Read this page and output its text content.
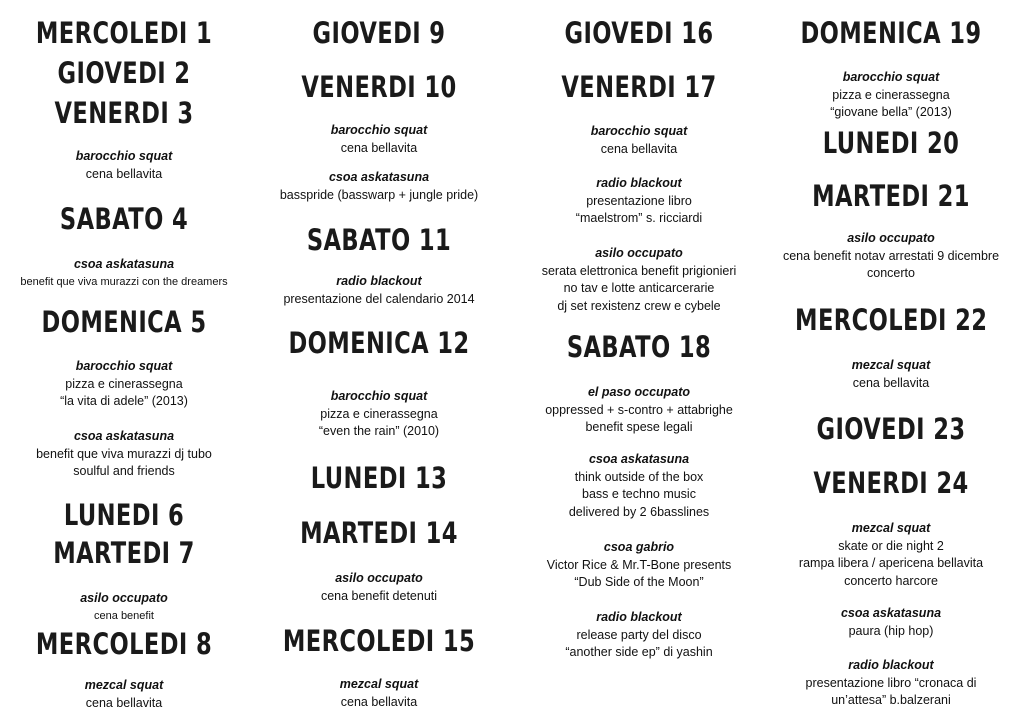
MERCOLEDI 1
GIOVEDI 2
VENERDI 3
barocchio squat
cena bellavita
SABATO 4
csoa askatasuna
benefit que viva murazzi con the dreamers
DOMENICA 5
barocchio squat
pizza e cinerassegna
“la vita di adele” (2013)
csoa askatasuna
benefit que viva murazzi dj tubo
soulful and friends
LUNEDI 6
MARTEDI 7
asilo occupato
cena benefit
MERCOLEDI 8
mezcal squat
cena bellavita
GIOVEDI 9
VENERDI 10
barocchio squat
cena bellavita
csoa askatasuna
basspride (basswarp + jungle pride)
SABATO 11
radio blackout
presentazione del calendario 2014
DOMENICA 12
barocchio squat
pizza e cinerassegna
“even the rain” (2010)
LUNEDI 13
MARTEDI 14
asilo occupato
cena benefit detenuti
MERCOLEDI 15
mezcal squat
cena bellavita
GIOVEDI 16
VENERDI 17
barocchio squat
cena bellavita
radio blackout
presentazione libro
“maelstrom” s. ricciardi
asilo occupato
serata elettronica benefit prigionieri
no tav e lotte anticarcerarie
dj set rexistenz crew e cybele
SABATO 18
el paso occupato
oppressed + s-contro + attabrighe
benefit spese legali
csoa askatasuna
think outside of the box
bass e techno music
delivered by 2 6basslines
csoa gabrio
Victor Rice & Mr.T-Bone presents
“Dub Side of the Moon”
radio blackout
release party del disco
“another side ep” di yashin
DOMENICA 19
barocchio squat
pizza e cinerassegna
“giovane bella” (2013)
LUNEDI 20
MARTEDI 21
asilo occupato
cena benefit notav arrestati 9 dicembre
concerto
MERCOLEDI 22
mezcal squat
cena bellavita
GIOVEDI 23
VENERDI 24
mezcal squat
skate or die night 2
rampa libera / apericena bellavita
concerto harcore
csoa askatasuna
paura (hip hop)
radio blackout
presentazione libro “cronaca di
un’attesa” b.balzerani
